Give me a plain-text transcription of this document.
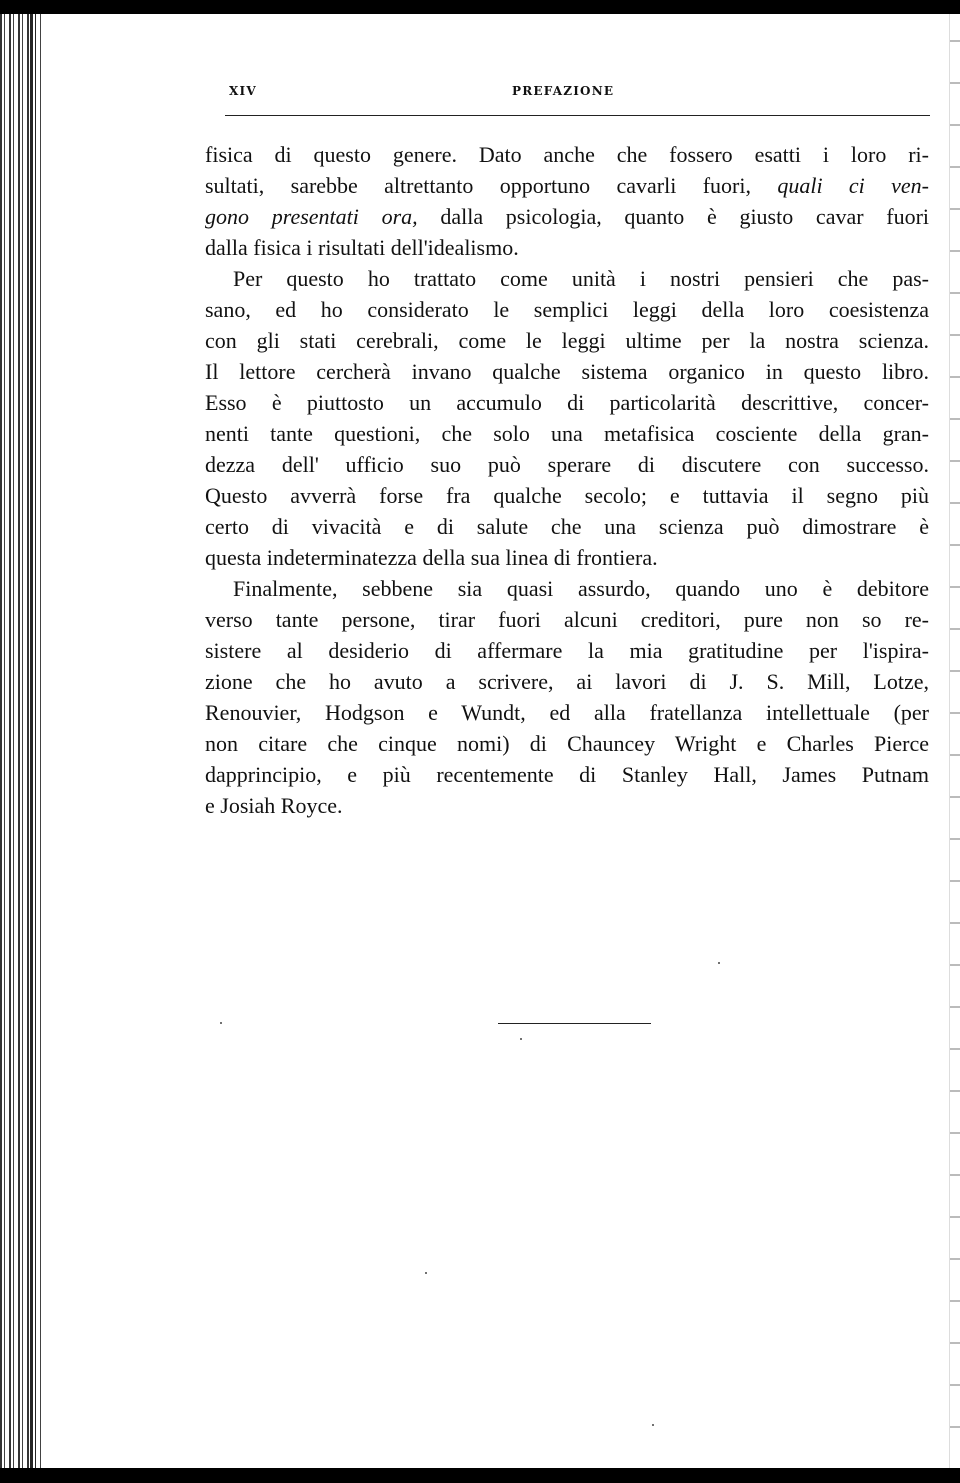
XIV	PREFAZIONE
fisica di questo genere. Dato anche che fossero esatti i loro ri-
sultati, sarebbe altrettanto opportuno cavarli fuori, quali ci ven-
gono presentati ora, dalla psicologia, quanto è giusto cavar fuori
dalla fisica i risultati dell'idealismo.
Per questo ho trattato come unità i nostri pensieri che pas-
sano, ed ho considerato le semplici leggi della loro coesistenza
con gli stati cerebrali, come le leggi ultime per la nostra scienza.
Il lettore cercherà invano qualche sistema organico in questo libro.
Esso è piuttosto un accumulo di particolarità descrittive, concer-
nenti tante questioni, che solo una metafisica cosciente della gran-
dezza dell' ufficio suo può sperare di discutere con successo.
Questo avverrà forse fra qualche secolo; e tuttavia il segno più
certo di vivacità e di salute che una scienza può dimostrare è
questa indeterminatezza della sua linea di frontiera.
Finalmente, sebbene sia quasi assurdo, quando uno è debitore
verso tante persone, tirar fuori alcuni creditori, pure non so re-
sistere al desiderio di affermare la mia gratitudine per l'ispira-
zione che ho avuto a scrivere, ai lavori di J. S. Mill, Lotze,
Renouvier, Hodgson e Wundt, ed alla fratellanza intellettuale (per
non citare che cinque nomi) di Chauncey Wright e Charles Pierce
dapprincipio, e più recentemente di Stanley Hall, James Putnam
e Josiah Royce.
